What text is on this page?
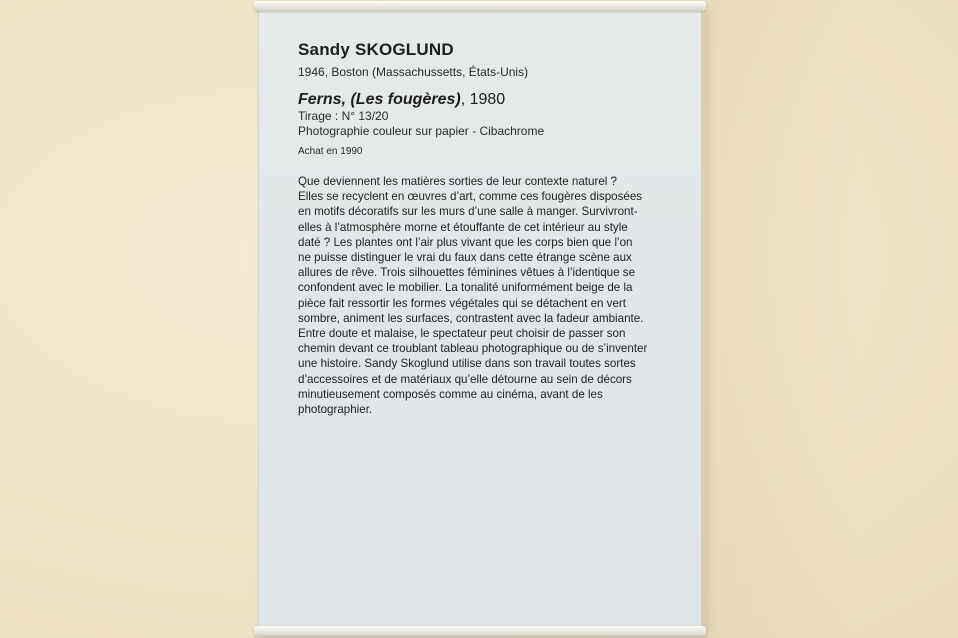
Sandy SKOGLUND
1946, Boston (Massachussetts, États-Unis)
Ferns, (Les fougères), 1980
Tirage : N° 13/20
Photographie couleur sur papier - Cibachrome
Achat en 1990
Que deviennent les matières sorties de leur contexte naturel ?
Elles se recyclent en œuvres d’art, comme ces fougères disposées
en motifs décoratifs sur les murs d’une salle à manger. Survivront-
elles à l’atmosphère morne et étouffante de cet intérieur au style
daté ? Les plantes ont l’air plus vivant que les corps bien que l’on
ne puisse distinguer le vrai du faux dans cette étrange scène aux
allures de rêve. Trois silhouettes féminines vêtues à l’identique se
confondent avec le mobilier. La tonalité uniformément beige de la
pièce fait ressortir les formes végétales qui se détachent en vert
sombre, animent les surfaces, contrastent avec la fadeur ambiante.
Entre doute et malaise, le spectateur peut choisir de passer son
chemin devant ce troublant tableau photographique ou de s’inventer
une histoire. Sandy Skoglund utilise dans son travail toutes sortes
d’accessoires et de matériaux qu’elle détourne au sein de décors
minutieusement composés comme au cinéma, avant de les
photographier.
